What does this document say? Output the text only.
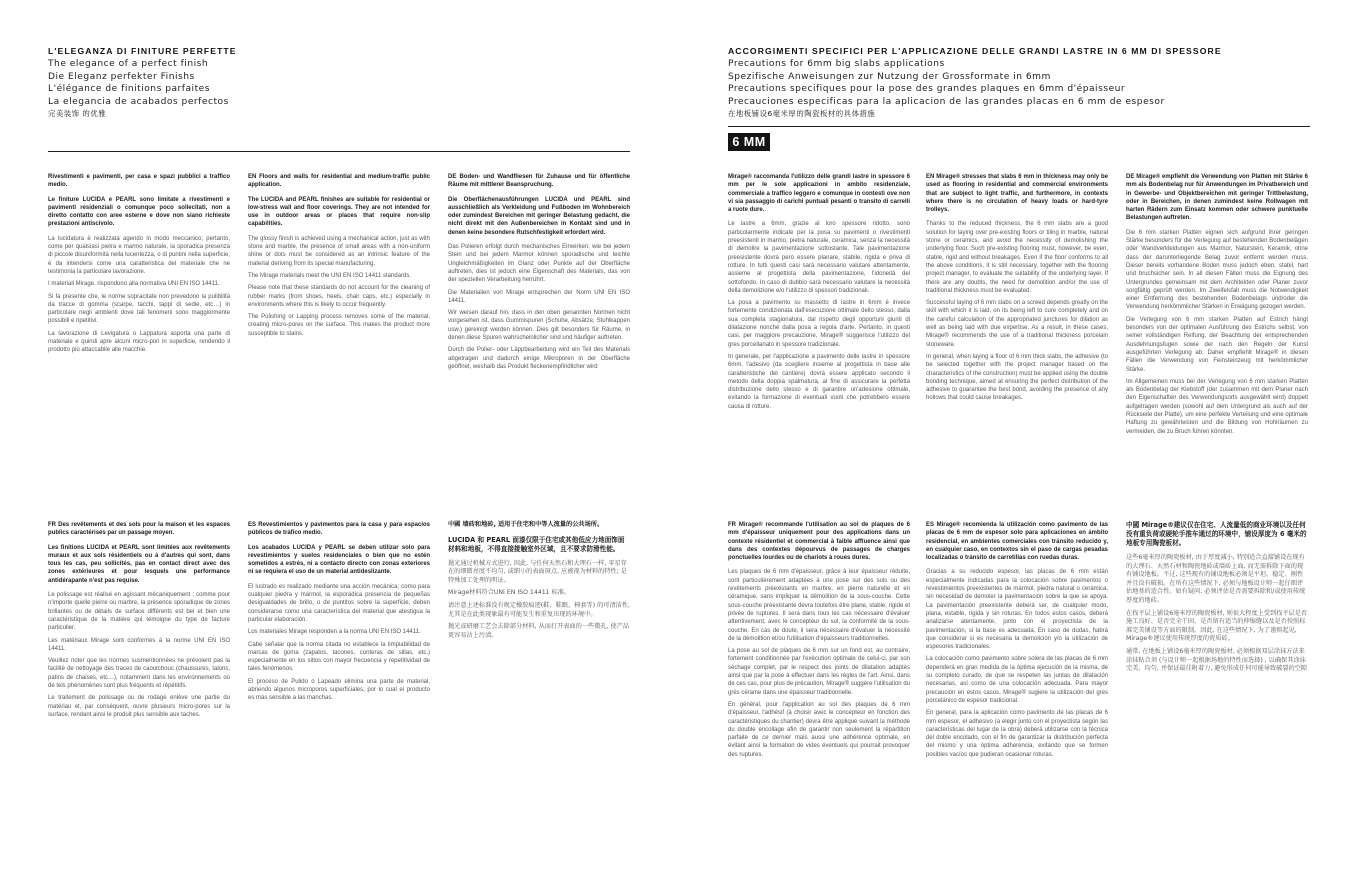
L'ELEGANZA DI FINITURE PERFETTE
The elegance of a perfect finish
Die Eleganz perfekter Finishs
L'élégance de finitions parfaites
La elegancia de acabados perfectos
完美装饰 的优雅

Rivestimenti e pavimenti, per casa e spazi pubblici a traffico medio.

Le finiture LUCIDA e PEARL sono limitate a rivestimenti e pavimenti residenziali o comunque poco sollecitati, non a diretto contatto con aree esterne e dove non siano richieste prestazioni antiscivolo.

La lucidatura è realizzata agendo in modo meccanico; pertanto, come per qualsiasi pietra e marmo naturale, la sporadica presenza di piccole disuniformità nella lucentezza, o di puntini nella superficie, è da intendersi come una caratteristica del materiale che ne testimonia la particolare lavorazione.

I materiali Mirage, rispondono alla normativa UNI EN ISO 14411.

Si fa presente che, le norme sopracitate non prevedono la pulibilità da tracce di gomma (scarpe, tacchi, tappi di sedie, etc…) in particolare negli ambienti dove tali fenomeni sono maggiormente possibili e ripetitivi.

La lavorazione di Levigatura o Lappatura asporta una parte di materiale e quindi apre alcuni micro-pori in superficie, rendendo il prodotto più attaccabile alle macchie.

EN Floors and walls for residential and medium-traffic public application.

The LUCIDA and PEARL finishes are suitable for residential or low-stress wall and floor coverings. They are not intended for use in outdoor areas or places that require non-slip capabilities.

The glossy finish is achieved using a mechanical action, just as with stone and marble, the presence of small areas with a non-uniform shine or dots must be considered as an intrinsic feature of the material deriving from its special manufacturing.

The Mirage materials meet the UNI EN ISO 14411 standards.

Please note that these standards do not account for the cleaning of rubber marks (from shoes, heels, chair caps, etc.) especially in environments where this is likely to occur frequently.

The Polishing or Lapping process removes some of the material, creating micro-pores on the surface. This makes the product more susceptible to stains.

DE Boden- und Wandfliesen für Zuhause und für öffentliche Räume mit mittlerer Beanspruchung.

Die Oberflächenausführungen LUCIDA und PEARL sind ausschließlich als Verkleidung und Fußboden im Wohnbereich oder zumindest Bereichen mit geringer Belastung gedacht, die nicht direkt mit den Außenbereichen in Kontakt sind und in denen keine besondere Rutschfestigkeit erfordert wird.

Das Polieren erfolgt durch mechanisches Einwirken; wie bei jedem Stein und bei jedem Marmor können sporadische und leichte Ungleichmäßigkeiten im Glanz oder Punkte auf der Oberfläche auftreten, dies ist jedoch eine Eigenschaft des Materials, das von der speziellen Verarbeitung herrührt.

Die Materialien von Mirage entsprechen der Norm UNI EN ISO 14411.

Wir weisen darauf hin, dass in den oben genannten Normen nicht vorgesehen ist, dass Gummispuren (Schuhe, Absätze, Stuhlkappen usw.) gereinigt werden können. Dies gilt besonders für Räume, in denen diese Spuren wahrscheinlicher sind und häufiger auftreten.

Durch die Polier- oder Läppbearbeitung wird ein Teil des Materials abgetragen und dadurch einige Mikroporen in der Oberfläche geöffnet, weshalb das Produkt fleckenempfindlicher wird

FR Des revêtements et des sols pour la maison et les espaces publics caractérisés par un passage moyen.

Les finitions LUCIDA et PEARL sont limitées aux revêtements muraux et aux sols résidentiels ou à d'autres qui sont, dans tous les cas, peu sollicités, pas en contact direct avec des zones extérieures et pour lesquels une performance antidérapante n'est pas requise.

Le polissage est réalisé en agissant mécaniquement ; comme pour n'importe quelle pierre ou marbre, la présence sporadique de zones brillantes ou de détails de surface différents est bel et bien une caractéristique de la matière qui témoigne du type de facture particulier.

Les matériaux Mirage sont conformes à la norme UNI EN ISO 14411.

Veuillez noter que les normes susmentionnées ne prévoient pas la facilité de nettoyage des traces de caoutchouc (chaussures, talons, patins de chaises, etc…), notamment dans les environnements où de tels phénomènes sont plus fréquents et répétitifs.

Le traitement de polissage ou de rodage enlève une partie du matériau et, par conséquent, ouvre plusieurs micro-pores sur la surface, rendant ainsi le produit plus sensible aux taches.

ES Revestimientos y pavimentos para la casa y para espacios públicos de tráfico medio.

Los acabados LUCIDA y PEARL se deben utilizar solo para revestimientos y suelos residenciales o bien que no estén sometidos a estrés, ni a contacto directo con zonas exteriores ni se requiera el uso de un material antideslizante.

El lustrado es realizado mediante una acción mecánica; como para cualquier piedra y mármol, la esporádica presencia de pequeñas desigualdades de brillo, o de puntitos sobre la superficie, deben considerarse como una característica del material que atestigua la particular elaboración.

Los materiales Mirage responden a la norma UNI EN ISO 14411.

Cabe señalar que la norma citada no establece la limpiabilidad de marcas de goma (zapatos, tacones, conteras de sillas, etc.) especialmente en los sitios con mayor frecuencia y repetitividad de tales fenómenos.

El proceso de Pulido o Lapeado elimina una parte de material, abriendo algunos microporos superficiales, por lo cual el producto es más sensible a las manchas.

中國 墙砖和地砖, 适用于住宅和中等人流量的公共场所。

LUCIDA 和 PEARL 面漆仅限于住宅或其他低应力地面饰面材料和地板，不得直接接触室外区域，且不要求防滑性能。

抛光通过机械方式进行, 因此, 与任何天然石和大理石一样, 零星存在的细微亮度不均匀, 或细小的表面斑点, 应被视为材料的特性; 是特殊加工处理的明证。

Mirage材料符合UNI EN ISO 14411 标准。

请注意上述标准没有规定橡胶痕迹(鞋、鞋跟、椅套等) 的可清洁性,尤其是在此类现象最有可能发生和重复出现的环境中。

抛光或研磨工艺会去除部分材料, 从而打开表面的一些微孔, 使产品更容易沾上污渍。

ACCORGIMENTI SPECIFICI PER L'APPLICAZIONE DELLE GRANDI LASTRE IN 6 MM DI SPESSORE
Precautions for 6mm big slabs applications
Spezifische Anweisungen zur Nutzung der Grossformate in 6mm
Precautions specifiques pour la pose des grandes plaques en 6mm d'épaisseur
Precauciones especificas para la aplicacion de las grandes placas en 6 mm de espesor
在地板铺设6毫米厚的陶瓷板材的具体措施
6 MM

Mirage® raccomanda l'utilizzo delle grandi lastre in spessore 6 mm per le sole applicazioni in ambito residenziale, commerciale a traffico leggero e comunque in contesti ove non vi sia passaggio di carichi puntuali pesanti o transito di carrelli a ruote dure.

Le lastre a 6mm, grazie al loro spessore ridotto, sono particolarmente indicate per la posa su pavimenti o rivestimenti preesistenti in marmo, pietra naturale, ceramica, senza la necessità di demolire la pavimentazione sottostante. Tale pavimentazione preesistente dovrà però essere planare, stabile, rigida e priva di rotture. In tutti questi casi sarà necessario valutare attentamente, assieme al progettista della pavimentazione, l'idoneità del sottofondo. In caso di dubbio sarà necessario valutare la necessità della demolizione e/o l'utilizzo di spessori tradizionali.

La posa a pavimento su massetto di lastre in 6mm è invece fortemente condizionata dall'esecuzione ottimale dello stesso, dalla sua completa stagionatura, dal rispetto degli opportuni giunti di dilatazione nonché dalla posa a regola d'arte. Pertanto, in questi casi, per maggiore precauzione, Mirage® suggerisce l'utilizzo del gres porcellanato in spessore tradizionale.

In generale, per l'applicazione a pavimento delle lastre in spessore 6mm, l'adesivo (da scegliere insieme al progettista in base alle caratteristiche del cantiere) dovrà essere applicato secondo il metodo della doppia spalmatura, al fine di assicurare la perfetta distribuzione dello stesso e di garantire un'adesione ottimale, evitando la formazione di eventuali vuoti che potrebbero essere causa di rotture.

EN Mirage® stresses that slabs 6 mm in thickness may only be used as flooring in residential and commercial environments that are subject to light traffic, and furthermore, in contexts where there is no circulation of heavy loads or hard-tyre trolleys.

Thanks to the reduced thickness, the 6 mm slabs are a good solution for laying over pre-existing floors or tiling in marble, natural stone or ceramics, and avoid the necessity of demolishing the underlying floor. Such pre-existing flooring must, however, be even, stable, rigid and without breakages. Even if the floor conforms to all the above conditions, it is still necessary, together with the flooring project manager, to evaluate the suitability of the underlying layer. If there are any doubts, the need for demolition and/or the use of traditional thickness must be evaluated.

Successful laying of 6 mm slabs on a screed depends greatly on the skill with which it is laid, on its being left to cure completely and on the careful calculation of the appropriated junctures for dilation as well as being laid with due expertise. As a result, in these cases, Mirage® recommends the use of a traditional thickness porcelain stoneware.

In general, when laying a floor of 6 mm thick slabs, the adhesive (to be selected together with the project manager based on the characteristics of the construction) must be applied using the double bonding technique, aimed at ensuring the perfect distribution of the adhesive to guarantee the best bond, avoiding the presence of any hollows that could cause breakages.

DE Mirage® empfiehlt die Verwendung von Platten mit Stärke 6 mm als Bodenbelag nur für Anwendungen im Privatbereich und in Gewerbe- und Objektbereichen mit geringer Trittbelastung, oder in Bereichen, in denen zumindest keine Rollwagen mit harten Rädern zum Einsatz kommen oder schwere punktuelle Belastungen auftreten.

Die 6 mm starken Platten eignen sich aufgrund ihrer geringen Stärke besonders für die Verlegung auf bestehenden Bodenbelägen oder Wandverkleidungen aus Marmor, Naturstein, Keramik, ohne dass der darunterliegende Belag zuvor entfernt werden muss. Dieser bereits vorhandene Boden muss jedoch eben, stabil, hart und bruchsicher sein. In all diesen Fällen muss die Eignung des Untergrundes gemeinsam mit dem Architekten oder Planer zuvor sorgfältig geprüft werden. Im Zweifelsfall muss die Notwendigkeit einer Entfernung des bestehenden Bodenbelags und/oder die Verwendung herkömmlicher Stärken in Erwägung gezogen werden.

Die Verlegung von 6 mm starken Platten auf Estrich hängt besonders von der optimalen Ausführung des Estrichs selbst, von seiner vollständigen Reifung, der Beachtung der entsprechenden Ausdehnungsfugen sowie der nach den Regeln der Kunst ausgeführten Verlegung ab. Daher empfiehlt Mirage® in diesen Fällen die Verwendung von Feinsteinzeug mit herkömmlicher Stärke.

Im Allgemeinen muss bei der Verlegung von 6 mm starken Platten als Bodenbelag der Klebstoff (der zusammen mit dem Planer nach den Eigenschaften des Verwendungsorts ausgewählt wird) doppelt aufgetragen werden (sowohl auf dem Untergrund als auch auf der Rückseite der Platte), um eine perfekte Verteilung und eine optimale Haftung zu gewährleisten und die Bildung von Hohlräumen zu vermeiden, die zu Bruch führen könnten.

FR Mirage® recommande l'utilisation au sol de plaques de 6 mm d'épaisseur uniquement pour des applications dans un contexte résidentiel et commercial à faible affluence ainsi que dans des contextes dépourvus de passages de charges ponctuelles lourdes ou de chariots à roues dures.

Les plaques de 6 mm d'épaisseur, grâce à leur épaisseur réduite, sont particulièrement adaptées à une pose sur des sols ou des revêtements préexistants en marbre, en pierre naturelle et en céramique, sans impliquer la démolition de la sous-couche. Cette sous-couche préexistante devra toutefois être plane, stable, rigide et privée de ruptures. Il sera dans tous les cas nécessaire d'évaluer attentivement, avec le concepteur du sol, la conformité de la sous-couche. En cas de doute, il sera nécessaire d'évaluer la nécessité de la démolition et/ou l'utilisation d'épaisseurs traditionnelles.

La pose au sol de plaques de 6 mm sur un fond est, au contraire, fortement conditionnée par l'exécution optimale de celui-ci, par son séchage complet, par le respect des joints de dilatation adaptés ainsi que par la pose à effectuer dans les règles de l'art. Ainsi, dans de ces cas, pour plus de précaution, Mirage® suggère l'utilisation du grès cérame dans une épaisseur traditionnelle.

En général, pour l'application au sol des plaques de 6 mm d'épaisseur, l'adhésif (à choisir avec le concepteur en fonction des caractéristiques du chantier) devra être appliqué suivant la méthode du double encollage afin de garantir non seulement la répartition parfaite de ce dernier mais aussi une adhérence optimale, en évitant ainsi la formation de vides éventuels qui pourrait provoquer des ruptures.

ES Mirage® recomienda la utilización como pavimento de las placas de 6 mm de espesor solo para aplicaciones en ámbito residencial, en ambientes comerciales con tránsito reducido y, en cualquier caso, en contextos sin el paso de cargas pesadas localizadas o tránsito de carretillas con ruedas duras.

Gracias a su reducido espesor, las placas de 6 mm están especialmente indicadas para la colocación sobre pavimentos o revestimientos preexistentes de mármol, piedra natural o cerámica, sin necesidad de demoler la pavimentación sobre la que se apoya. La pavimentación preexistente deberá ser, de cualquier modo, plana, estable, rígida y sin roturas. En todos estos casos, deberá analizarse atentamente, junto con el proyectista de la pavimentación, si la base es adecuada. En caso de dudas, habrá que considerar si es necesaria la demolición y/o la utilización de espesores tradicionales.

La colocación como pavimento sobre solera de las placas de 6 mm dependerá en gran medida de la óptima ejecución de la misma, de su completo curado, de que se respeten las juntas de dilatación necesarias, así como de una colocación adecuada. Para mayor precaución en estos casos, Mirage® sugiere la utilización del gres porcelánico de espesor tradicional.

En general, para la aplicación como pavimento de las placas de 6 mm espesor, el adhesivo (a elegir junto con el proyectista según las características del lugar de la obra) deberá utilizarse con la técnica del doble encolado, con el fin de garantizar la distribución perfecta del mismo y una óptima adherencia, evitando que se formen posibles vacíos que pudieran ocasionar roturas.

中國 Mirage®建议仅在住宅、人流量低的商业环境以及任何没有重负荷或硬轮手推车通过的环境中，铺设厚度为 6 毫米的地板专用陶瓷板材。

这些6毫米厚的陶瓷板材, 由于厚度减小, 特别适合直接铺设在现有的大理石、天然石材和陶瓷地砖或墙砖上面, 而无需拆除下面的现有铺设地板。不过, 这些现有的铺设地板必须是平坦、稳定、刚性并且没有破损。在所有这些情况下, 必须与地板设计师一起仔细评估地基的适合性。如有疑问, 必须评估是否需要拆除和/或使用传统厚度的地砖。

在找平层上铺设6毫米厚的陶瓷板材, 则很大程度上受到找平层是否施工良好、是否完全干固、是否留有适当的伸缩缝以及是否按照标准完美铺设等方面的限制。因此, 在这些情况下, 为了谨慎起见, Mirage®建议使用传统厚度的瓷质砖。

通常, 在地板上铺设6毫米厚的陶瓷板材, 必须根据双层涂抹方法来涂抹粘合剂 (与设计师一起根据场地的特性而选择) , 以确保其涂抹完美、均匀, 并保证最佳附着力, 避免形成任何可能导致破裂的空隙
